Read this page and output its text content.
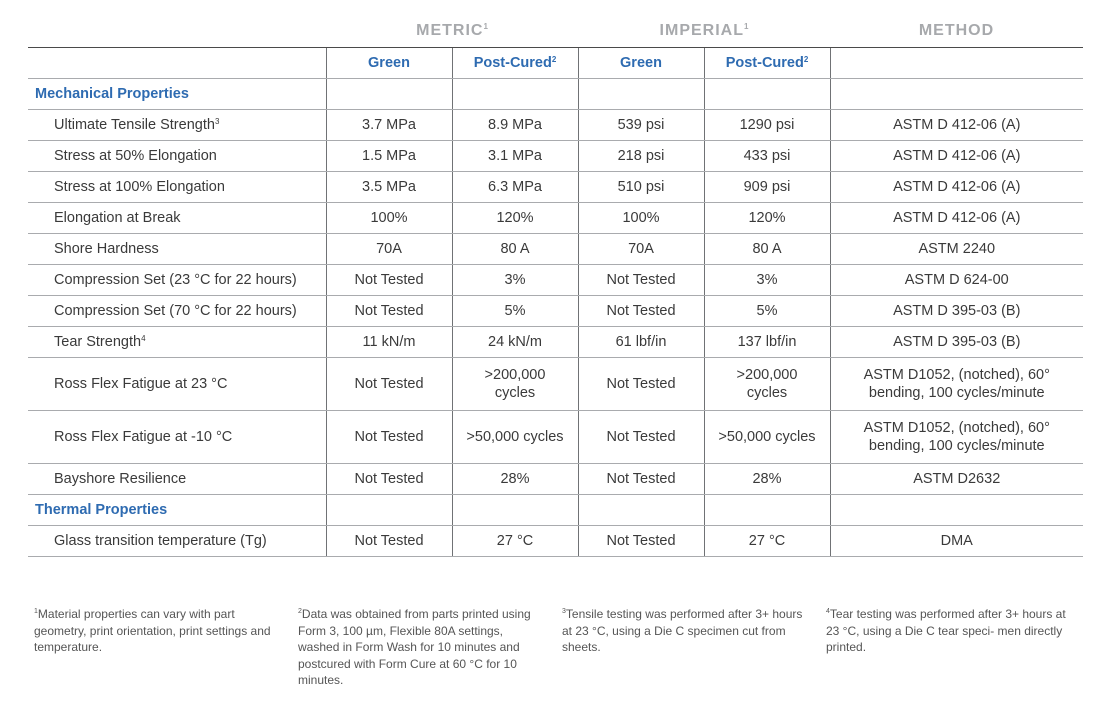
METRIC$^1$	IMPERIAL$^1$	METHOD
	Green	Post-Cured$^2$	Green	Post-Cured$^2$	
Mechanical Properties					
Ultimate Tensile Strength$^3$	3.7 MPa	8.9 MPa	539 psi	1290 psi	ASTM D 412-06 (A)
Stress at 50% Elongation	1.5 MPa	3.1 MPa	218 psi	433 psi	ASTM D 412-06 (A)
Stress at 100% Elongation	3.5 MPa	6.3 MPa	510 psi	909 psi	ASTM D 412-06 (A)
Elongation at Break	100%	120%	100%	120%	ASTM D 412-06 (A)
Shore Hardness	70A	80 A	70A	80 A	ASTM 2240
Compression Set (23 °C for 22 hours)	Not Tested	3%	Not Tested	3%	ASTM D 624-00
Compression Set (70 °C for 22 hours)	Not Tested	5%	Not Tested	5%	ASTM D 395-03 (B)
Tear Strength$^4$	11 kN/m	24 kN/m	61 lbf/in	137 lbf/in	ASTM D 395-03 (B)
Ross Flex Fatigue at 23 °C	Not Tested	>200,000 cycles	Not Tested	>200,000 cycles	ASTM D1052, (notched), 60° bending, 100 cycles/minute
Ross Flex Fatigue at -10 °C	Not Tested	>50,000 cycles	Not Tested	>50,000 cycles	ASTM D1052, (notched), 60° bending, 100 cycles/minute
Bayshore Resilience	Not Tested	28%	Not Tested	28%	ASTM D2632
Thermal Properties					
Glass transition temperature (Tg)	Not Tested	27 °C	Not Tested	27 °C	DMA
$^1$Material properties can vary with part geometry, print orientation, print settings and temperature.
$^2$Data was obtained from parts printed using Form 3, 100 µm, Flexible 80A settings, washed in Form Wash for 10 minutes and postcured with Form Cure at 60 °C for 10 minutes.
$^3$Tensile testing was performed after 3+ hours at 23 °C, using a Die C specimen cut from sheets.
$^4$Tear testing was performed after 3+ hours at 23 °C, using a Die C tear speci- men directly printed.
